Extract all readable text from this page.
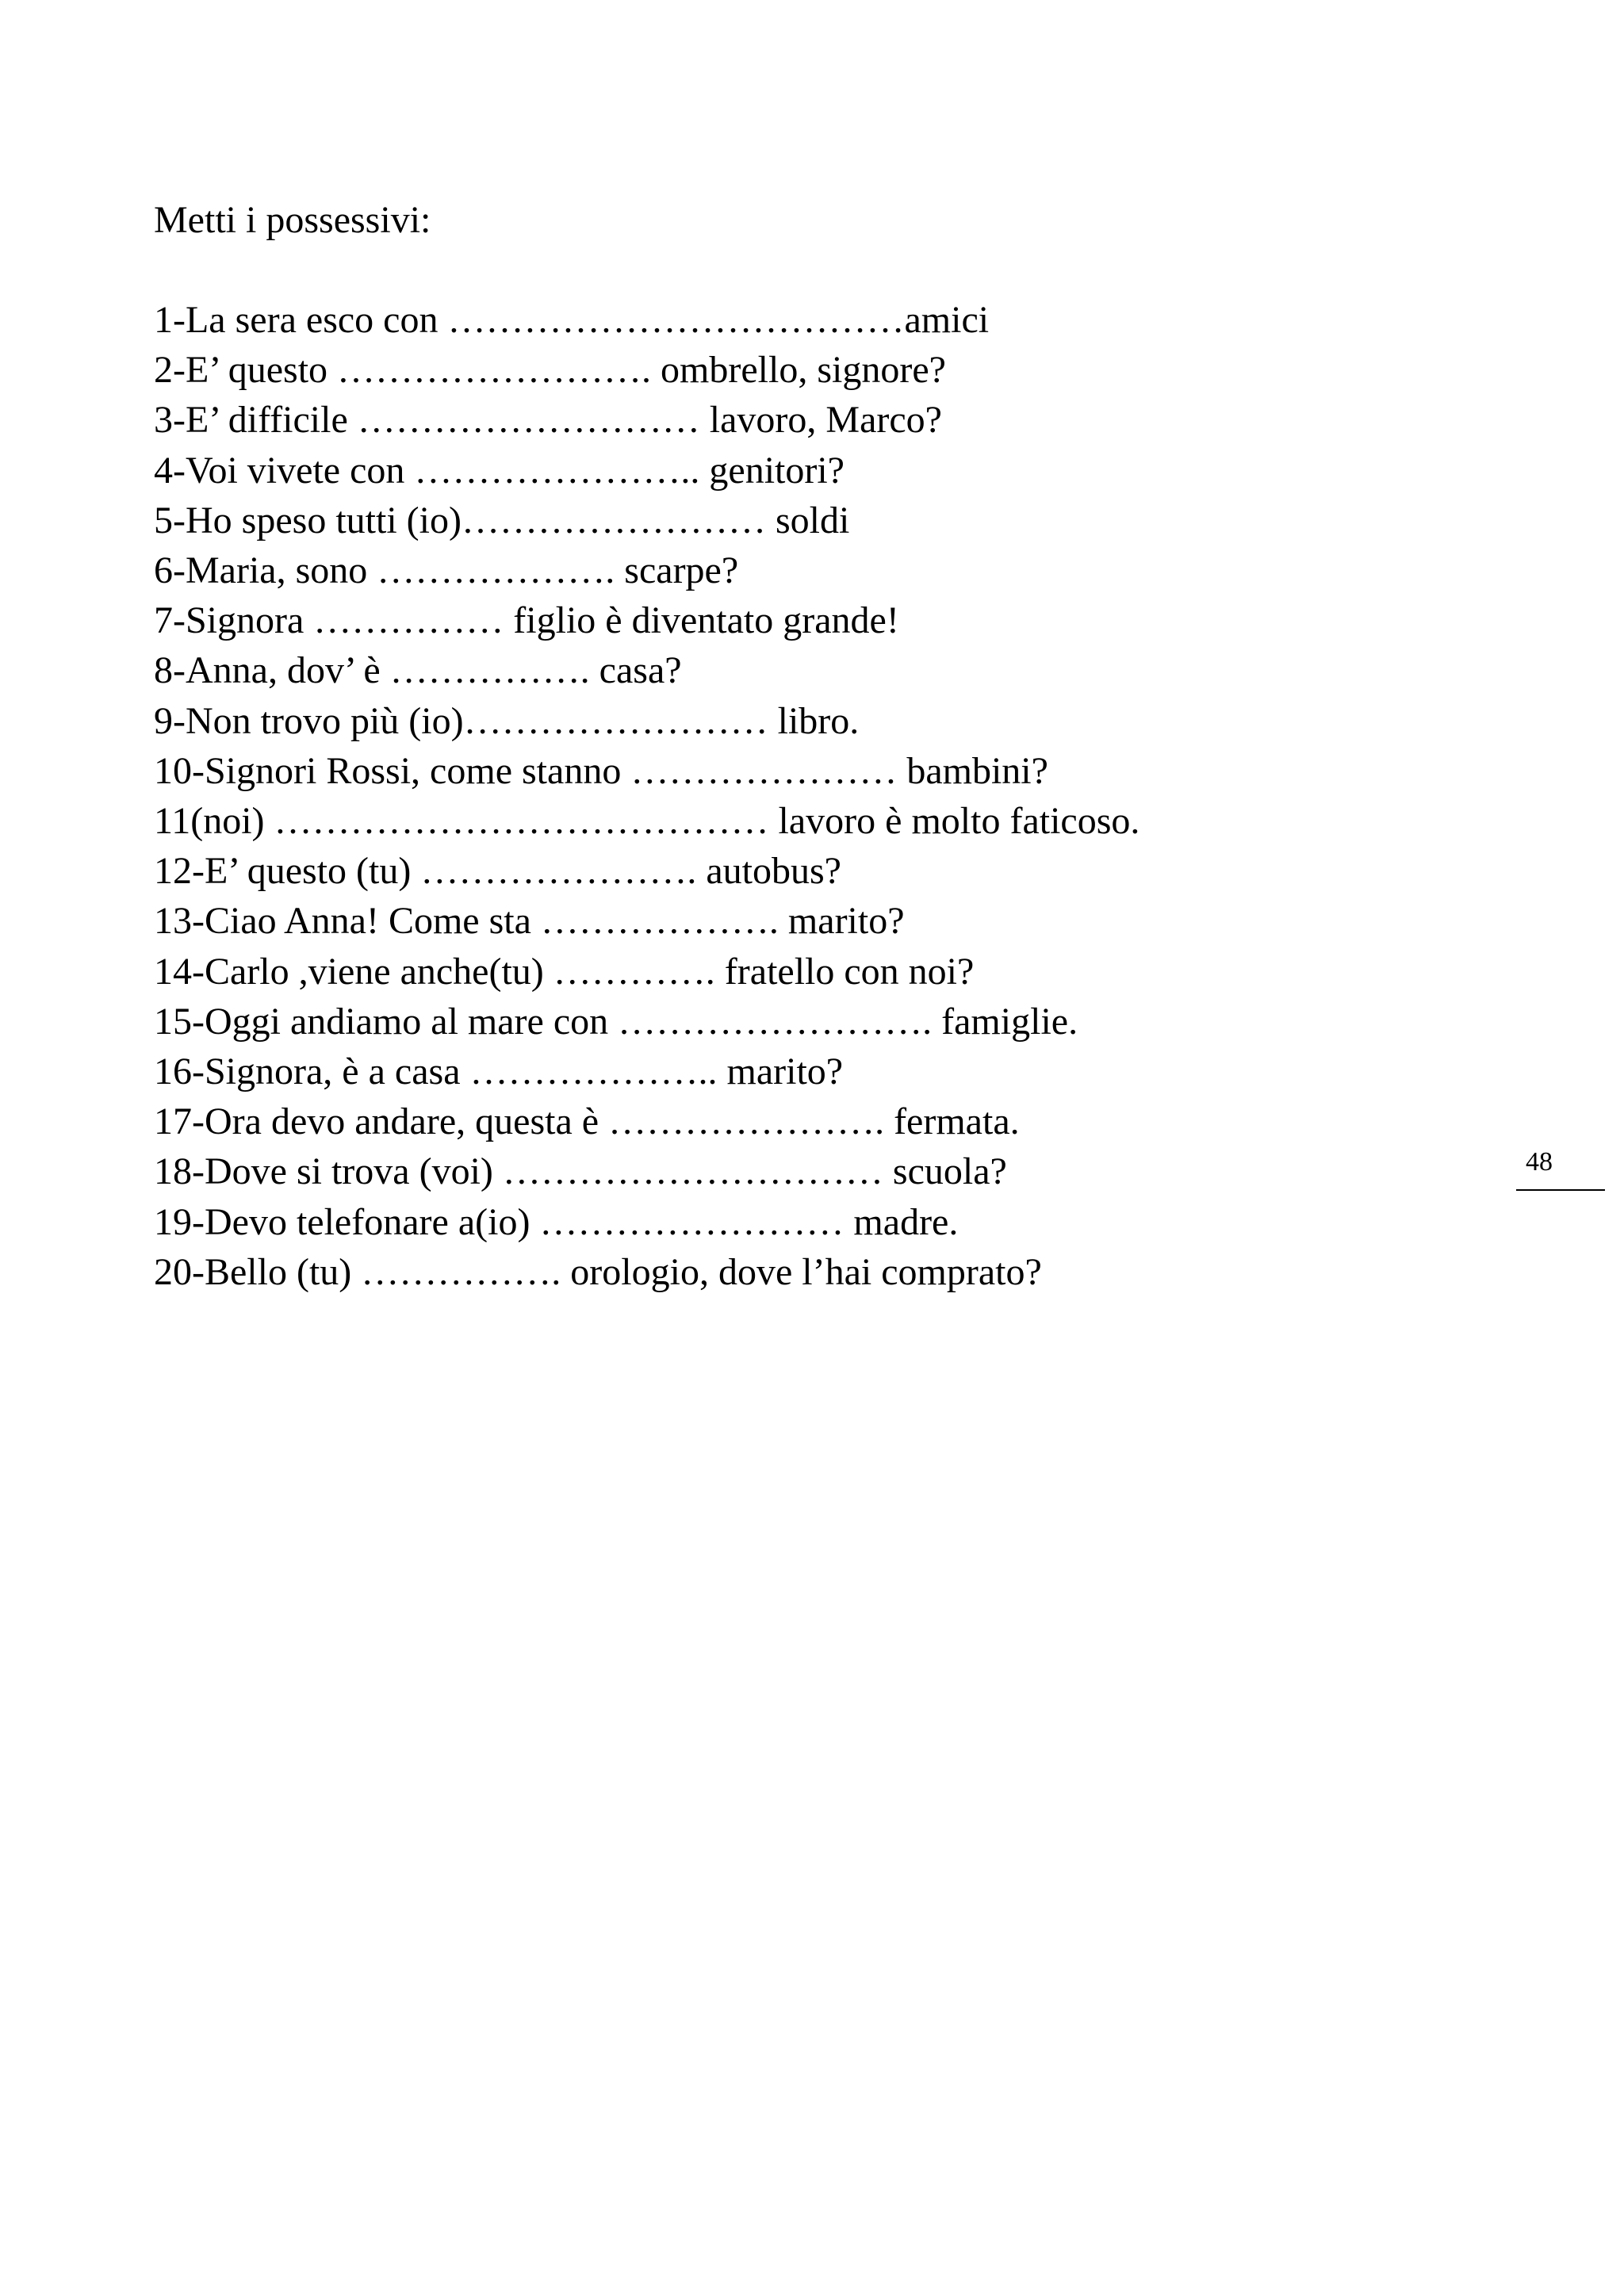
Metti i possessivi:
1-La sera esco con ………………………………amici
2-E’ questo ……………………. ombrello, signore?
3-E’ difficile ……………………… lavoro, Marco?
4-Voi vivete con ………………….. genitori?
5-Ho speso tutti (io)…………………… soldi
6-Maria, sono ………………. scarpe?
7-Signora …………… figlio è diventato grande!
8-Anna, dov’ è ……………. casa?
9-Non trovo più (io)…………………… libro.
10-Signori Rossi, come stanno ………………… bambini?
11(noi) ………………………………… lavoro è molto faticoso.
12-E’ questo (tu) …………………. autobus?
13-Ciao Anna! Come sta ………………. marito?
14-Carlo ,viene anche(tu) …………. fratello con noi?
15-Oggi andiamo al mare con ……………………. famiglie.
16-Signora, è a casa ……………….. marito?
17-Ora devo andare, questa è …………………. fermata.
18-Dove si trova (voi) ………………………… scuola?
19-Devo telefonare a(io) …………………… madre.
20-Bello (tu) ……………. orologio, dove l’hai comprato?
48
